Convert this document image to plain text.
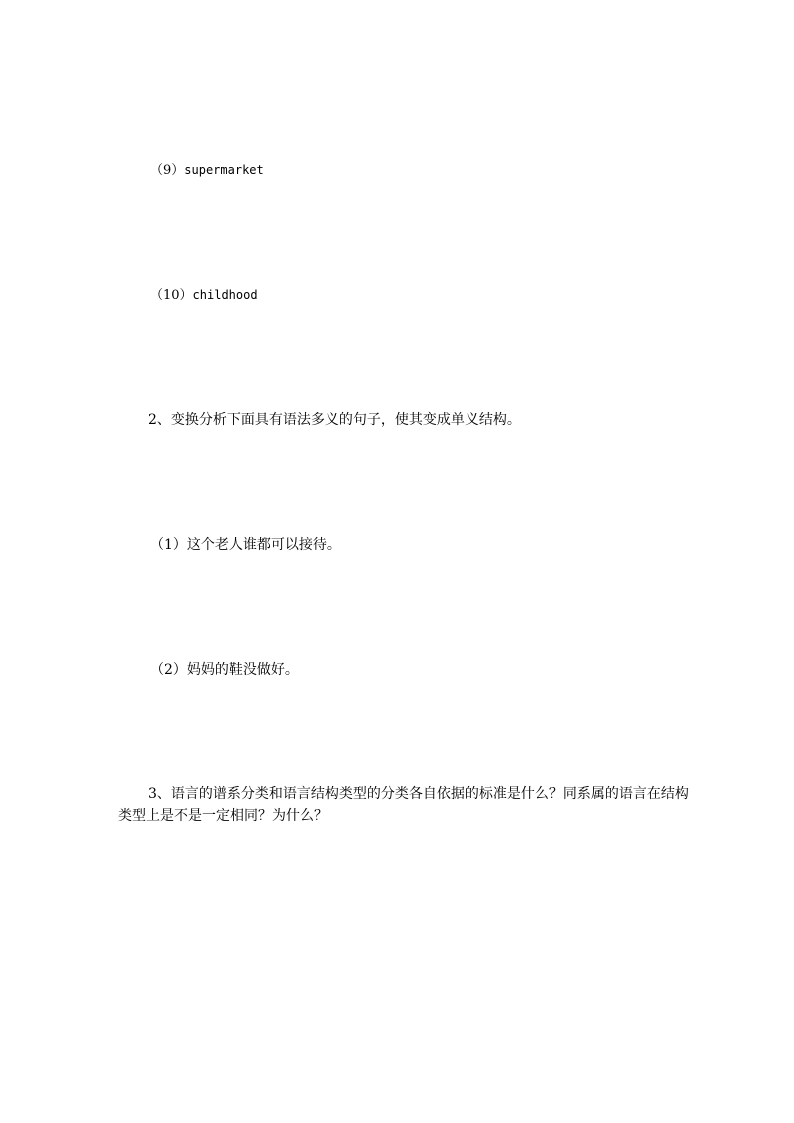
（9）supermarket
（10）childhood
2、变换分析下面具有语法多义的句子，使其变成单义结构。
（1）这个老人谁都可以接待。
（2）妈妈的鞋没做好。
3、语言的谱系分类和语言结构类型的分类各自依据的标准是什么？同系属的语言在结构类型上是不是一定相同？为什么？
